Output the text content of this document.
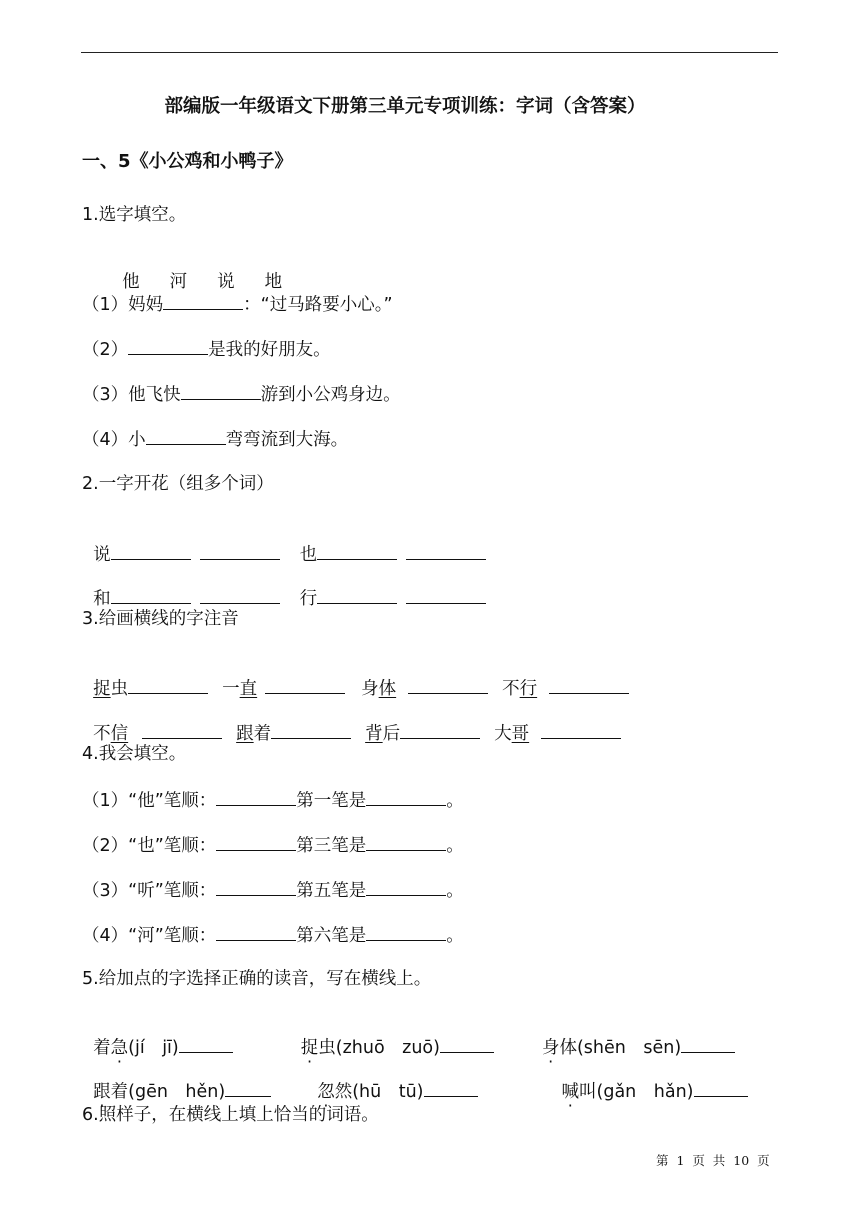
部编版一年级语文下册第三单元专项训练：字词（含答案）
一、5《小公鸡和小鸭子》
1.选字填空。

他 河 说 地

（1）妈妈	：“过马路要小心。”
（2）	是我的好朋友。
（3）他飞快	游到小公鸡身边。
（4）小	弯弯流到大海。
2.一字开花（组多个词）

说	也

和	行

3.给画横线的字注音

捉虫	一直	身体	不行

不信	跟着	背后	大哥

4.我会填空。
（1）“他”笔顺：	第一笔是	。
（2）“也”笔顺：	第三笔是	。
（3）“听”笔顺：	第五笔是	。
（4）“河”笔顺：	第六笔是	。
5.给加点的字选择正确的读音，写在横线上。

着急(jí　jī)	捉虫(zhuō　zuō)	身体(shēn　sēn)

跟着(gēn　hěn)	忽然(hū　tū)	喊叫(gǎn　hǎn)

6.照样子，在横线上填上恰当的词语。
第  1  页  共  10  页
